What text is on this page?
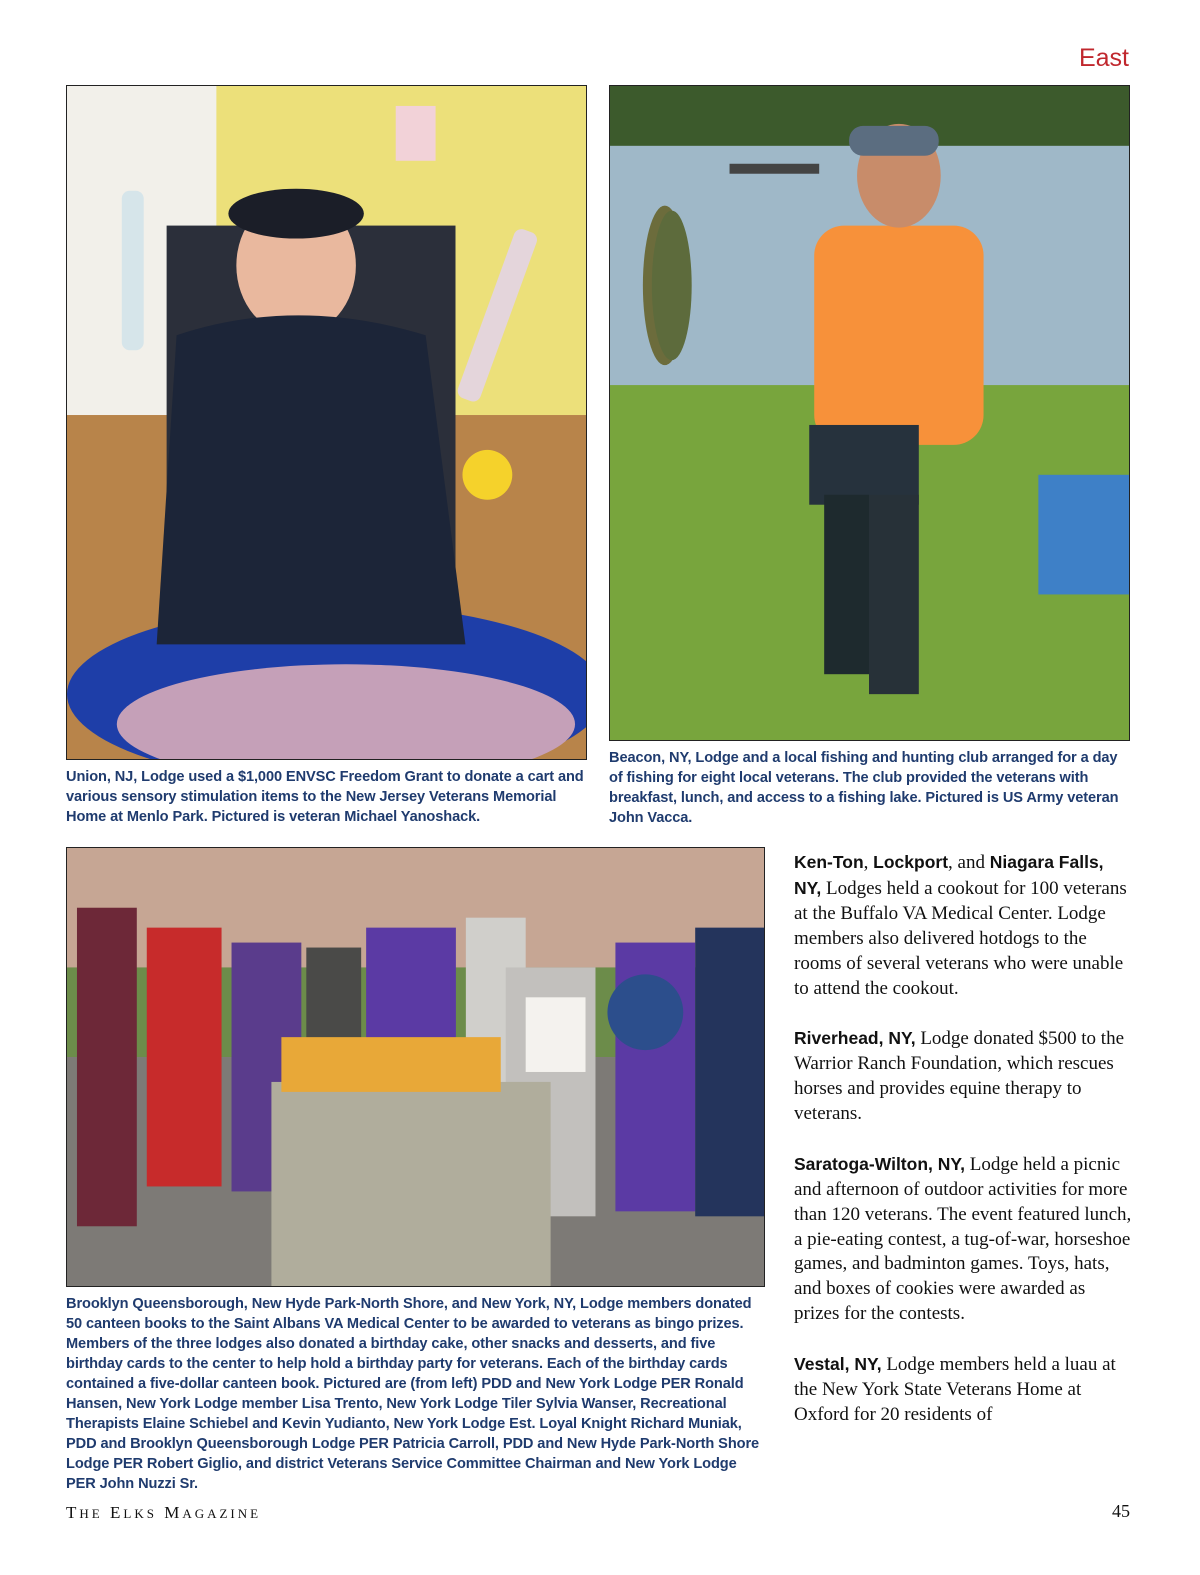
East

Union, NJ, Lodge used a $1,000 ENVSC Freedom Grant to donate a cart and various sensory stimulation items to the New Jersey Veterans Memorial Home at Menlo Park. Pictured is veteran Michael Yanoshack.

Beacon, NY, Lodge and a local fishing and hunting club arranged for a day of fishing for eight local veterans. The club provided the veterans with breakfast, lunch, and access to a fishing lake. Pictured is US Army veteran John Vacca.

Brooklyn Queensborough, New Hyde Park-North Shore, and New York, NY, Lodge members donated 50 canteen books to the Saint Albans VA Medical Center to be awarded to veterans as bingo prizes. Members of the three lodges also donated a birthday cake, other snacks and desserts, and five birthday cards to the center to help hold a birthday party for veterans. Each of the birthday cards contained a five-dollar canteen book. Pictured are (from left) PDD and New York Lodge PER Ronald Hansen, New York Lodge member Lisa Trento, New York Lodge Tiler Sylvia Wanser, Recreational Therapists Elaine Schiebel and Kevin Yudianto, New York Lodge Est. Loyal Knight Richard Muniak, PDD and Brooklyn Queensborough Lodge PER Patricia Carroll, PDD and New Hyde Park-North Shore Lodge PER Robert Giglio, and district Veterans Service Committee Chairman and New York Lodge PER John Nuzzi Sr.

Ken-Ton, Lockport, and Niagara Falls, NY, Lodges held a cookout for 100 veterans at the Buffalo VA Medical Center. Lodge members also delivered hotdogs to the rooms of several veterans who were unable to attend the cookout.

Riverhead, NY, Lodge donated $500 to the Warrior Ranch Foundation, which rescues horses and provides equine therapy to veterans.

Saratoga-Wilton, NY, Lodge held a picnic and afternoon of outdoor activities for more than 120 veterans. The event featured lunch, a pie-eating contest, a tug-of-war, horseshoe games, and badminton games. Toys, hats, and boxes of cookies were awarded as prizes for the contests.

Vestal, NY, Lodge members held a luau at the New York State Veterans Home at Oxford for 20 residents of

THE ELKS MAGAZINE	45
